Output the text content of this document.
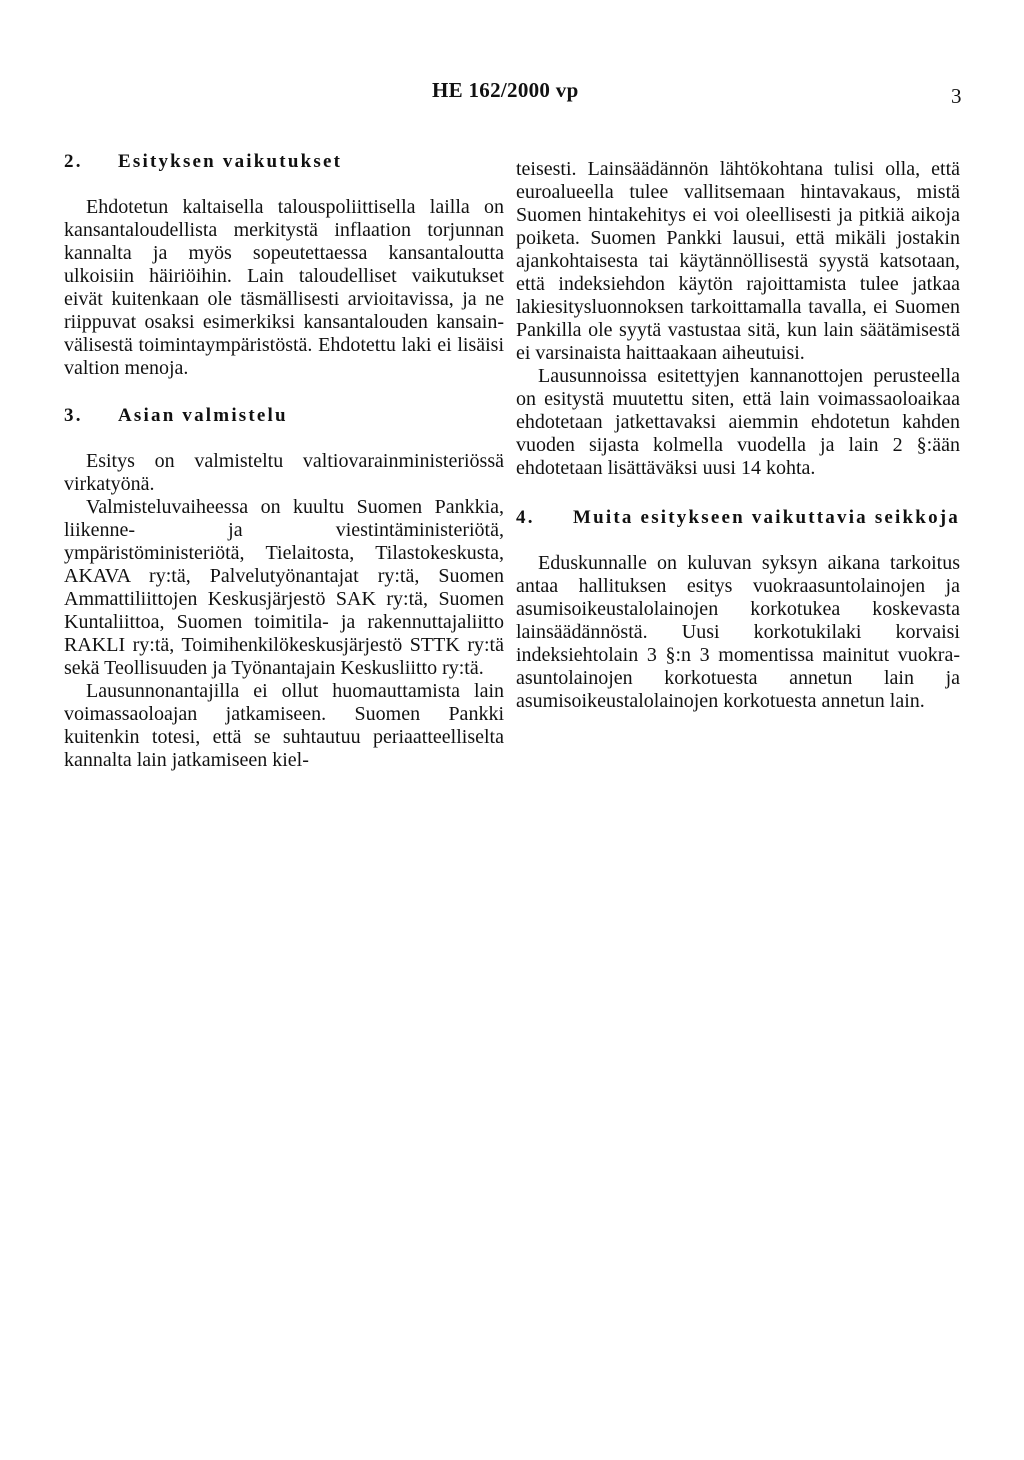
HE 162/2000 vp	3
2.	Esityksen vaikutukset

Ehdotetun kaltaisella talouspoliittisella lailla on kansantaloudellista merkitystä inflaation torjunnan kannalta ja myös sopeutettaessa kansantaloutta ulkoisiin häiriöihin. Lain taloudelliset vaikutukset eivät kuitenkaan ole täsmällisesti arvioitavissa, ja ne riippuvat osaksi esimerkiksi kansantalouden kansainvälisestä toimintaympäristöstä. Ehdotettu laki ei lisäisi valtion menoja.

3.	Asian valmistelu

Esitys on valmisteltu valtiovarainministeriössä virkatyönä.

Valmisteluvaiheessa on kuultu Suomen Pankkia, liikenne- ja viestintäministeriötä, ympäristöministeriötä, Tielaitosta, Tilastokeskusta, AKAVA ry:tä, Palvelutyönantajat ry:tä, Suomen Ammattiliittojen Keskusjärjestö SAK ry:tä, Suomen Kuntaliittoa, Suomen toimitila- ja rakennuttajaliitto RAKLI ry:tä, Toimihenkilökeskusjärjestö STTK ry:tä sekä Teollisuuden ja Työnantajain Keskusliitto ry:tä.

Lausunnonantajilla ei ollut huomauttamista lain voimassaoloajan jatkamiseen. Suomen Pankki kuitenkin totesi, että se suhtautuu periaatteelliselta kannalta lain jatkamiseen kiel-

teisesti. Lainsäädännön lähtökohtana tulisi olla, että euroalueella tulee vallitsemaan hintavakaus, mistä Suomen hintakehitys ei voi oleellisesti ja pitkiä aikoja poiketa. Suomen Pankki lausui, että mikäli jostakin ajankohtaisesta tai käytännöllisestä syystä katsotaan, että indeksiehdon käytön rajoittamista tulee jatkaa lakiesitysluonnoksen tarkoittamalla tavalla, ei Suomen Pankilla ole syytä vastustaa sitä, kun lain säätämisestä ei varsinaista haittaakaan aiheutuisi.

Lausunnoissa esitettyjen kannanottojen perusteella on esitystä muutettu siten, että lain voimassaoloaikaa ehdotetaan jatkettavaksi aiemmin ehdotetun kahden vuoden sijasta kolmella vuodella ja lain 2 §:ään ehdotetaan lisättäväksi uusi 14 kohta.

4.	Muita esitykseen vaikuttavia seikkoja

Eduskunnalle on kuluvan syksyn aikana tarkoitus antaa hallituksen esitys vuokraasuntolainojen ja asumisoikeustalolainojen korkotukea koskevasta lainsäädännöstä. Uusi korkotukilaki korvaisi indeksiehtolain 3 §:n 3 momentissa mainitut vuokra-asuntolainojen korkotuesta annetun lain ja asumisoikeustalolainojen korkotuesta annetun lain.
